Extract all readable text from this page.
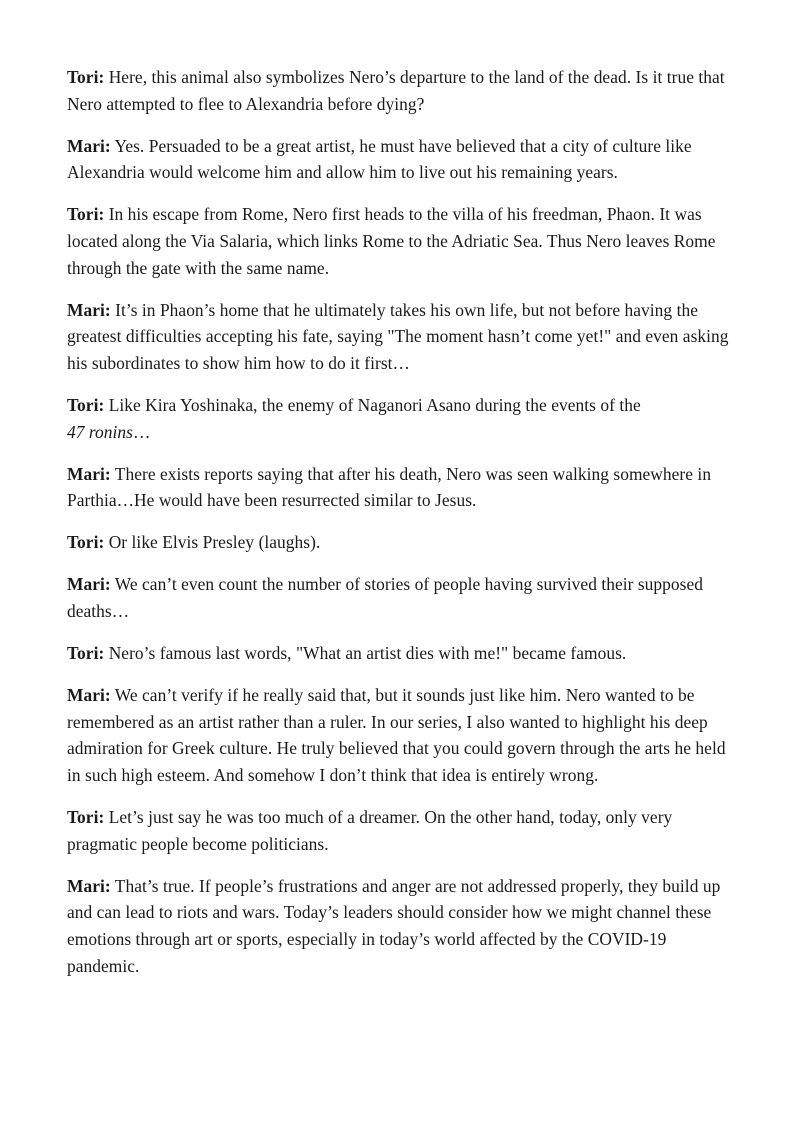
Tori: Here, this animal also symbolizes Nero’s departure to the land of the dead. Is it true that Nero attempted to flee to Alexandria before dying?

Mari: Yes. Persuaded to be a great artist, he must have believed that a city of culture like Alexandria would welcome him and allow him to live out his remaining years.

Tori: In his escape from Rome, Nero first heads to the villa of his freedman, Phaon. It was located along the Via Salaria, which links Rome to the Adriatic Sea. Thus Nero leaves Rome through the gate with the same name.

Mari: It’s in Phaon’s home that he ultimately takes his own life, but not before having the greatest difficulties accepting his fate, saying "The moment hasn’t come yet!" and even asking his subordinates to show him how to do it first…

Tori: Like Kira Yoshinaka, the enemy of Naganori Asano during the events of the
47 ronins…

Mari: There exists reports saying that after his death, Nero was seen walking somewhere in Parthia…He would have been resurrected similar to Jesus.

Tori: Or like Elvis Presley (laughs).

Mari: We can’t even count the number of stories of people having survived their supposed deaths…

Tori: Nero’s famous last words, "What an artist dies with me!" became famous.

Mari: We can’t verify if he really said that, but it sounds just like him. Nero wanted to be remembered as an artist rather than a ruler. In our series, I also wanted to highlight his deep admiration for Greek culture. He truly believed that you could govern through the arts he held in such high esteem. And somehow I don’t think that idea is entirely wrong.

Tori: Let’s just say he was too much of a dreamer. On the other hand, today, only very pragmatic people become politicians.

Mari: That’s true. If people’s frustrations and anger are not addressed properly, they build up and can lead to riots and wars. Today’s leaders should consider how we might channel these emotions through art or sports, especially in today’s world affected by the COVID-19 pandemic.
